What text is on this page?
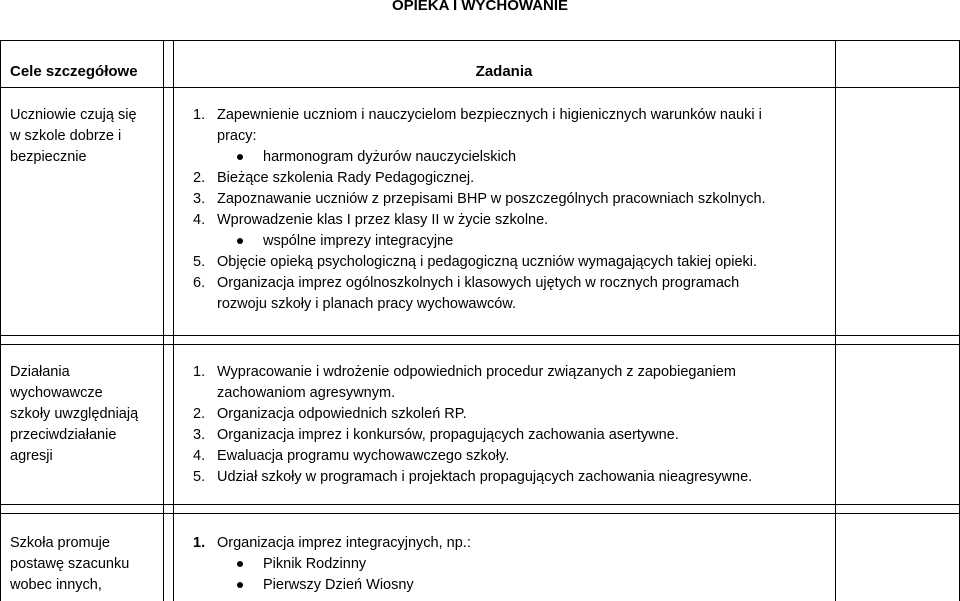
OPIEKA I WYCHOWANIE
Cele szczegółowe	Zadania
Uczniowie czują się
w szkole dobrze i
bezpiecznie
1. Zapewnienie uczniom i nauczycielom bezpiecznych i higienicznych warunków nauki i
pracy:
harmonogram dyżurów nauczycielskich
2. Bieżące szkolenia Rady Pedagogicznej.
3. Zapoznawanie uczniów z przepisami BHP w poszczególnych pracowniach szkolnych.
4. Wprowadzenie klas I przez klasy II w życie szkolne.
wspólne imprezy integracyjne
5. Objęcie opieką psychologiczną i pedagogiczną uczniów wymagających takiej opieki.
6. Organizacja imprez ogólnoszkolnych i klasowych ujętych w rocznych programach
rozwoju szkoły i planach pracy wychowawców.
Działania
wychowawcze
szkoły uwzględniają
przeciwdziałanie
agresji
1. Wypracowanie i wdrożenie odpowiednich procedur związanych z zapobieganiem
zachowaniom agresywnym.
2. Organizacja odpowiednich szkoleń RP.
3. Organizacja imprez i konkursów, propagujących zachowania asertywne.
4. Ewaluacja programu wychowawczego szkoły.
5. Udział szkoły w programach i projektach propagujących zachowania nieagresywne.
Szkoła promuje
postawę szacunku
wobec innych,
1. Organizacja imprez integracyjnych, np.:
Piknik Rodzinny
Pierwszy Dzień Wiosny
